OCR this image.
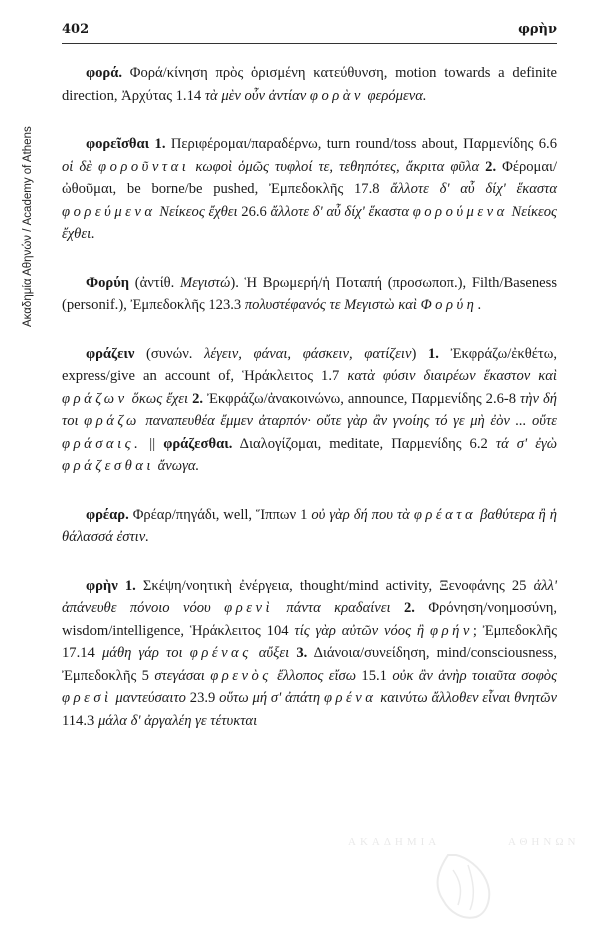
Ακαδημία Αθηνών / Academy of Athens
402	φρὴν

φορά. Φορά/κίνηση πρὸς ὁρισμένη κατεύθυνση, motion towards a definite direction, Ἀρχύτας 1.14 τὰ μὲν οὖν ἀντίαν φορὰν φερόμενα.

φορεῖσθαι 1. Περιφέρομαι/παραδέρνω, turn round/toss about, Παρμενίδης 6.6 οἱ δὲ φοροῦνται κωφοὶ ὁμῶς τυφλοί τε, τεθηπότες, ἄκριτα φῦλα 2. Φέρομαι/ὠθοῦμαι, be borne/be pushed, Ἐμπεδοκλῆς 17.8 ἄλλοτε δ' αὖ δίχ' ἕκαστα φορεύμενα Νείκεος ἔχθει 26.6 ἄλλοτε δ' αὖ δίχ' ἕκαστα φορούμενα Νείκεος ἔχθει.

Φορύη (ἀντίθ. Μεγιστώ). Ἡ Βρωμερή/ἡ Ποταπή (προσωποπ.), Filth/Baseness (personif.), Ἐμπεδοκλῆς 123.3 πολυστέφανός τε Μεγιστὼ καὶ Φορύη.

φράζειν (συνών. λέγειν, φάναι, φάσκειν, φατίζειν) 1. Ἐκφράζω/ἐκθέτω, express/give an account of, Ἡράκλειτος 1.7 κατὰ φύσιν διαιρέων ἕκαστον καὶ φράζων ὅκως ἔχει 2. Ἐκφράζω/ἀνακοινώνω, announce, Παρμενίδης 2.6-8 τὴν δή τοι φράζω παναπευθέα ἔμμεν ἀταρπόν· οὔτε γὰρ ἂν γνοίης τό γε μὴ ἐὸν ... οὔτε φράσαις. || φράζεσθαι. Διαλογίζομαι, meditate, Παρμενίδης 6.2 τά σ' ἐγὼ φράζεσθαι ἄνωγα.

φρέαρ. Φρέαρ/πηγάδι, well, Ἵππων 1 οὐ γὰρ δή που τὰ φρέατα βαθύτερα ἢ ἡ θάλασσά ἐστιν.

φρὴν 1. Σκέψη/νοητικὴ ἐνέργεια, thought/mind activity, Ξενοφάνης 25 ἀλλ' ἀπάνευθε πόνοιο νόου φρενὶ πάντα κραδαίνει 2. Φρόνηση/νοημοσύνη, wisdom/intelligence, Ἡράκλειτος 104 τίς γὰρ αὐτῶν νόος ἢ φρήν; Ἐμπεδοκλῆς 17.14 μάθη γάρ τοι φρένας αὔξει 3. Διάνοια/συνείδηση, mind/consciousness, Ἐμπεδοκλῆς 5 στεγάσαι φρενὸς ἔλλοπος εἴσω 15.1 οὐκ ἂν ἀνὴρ τοιαῦτα σοφὸς φρεσὶ μαντεύσαιτο 23.9 οὕτω μή σ' ἀπάτη φρένα καινύτω ἄλλοθεν εἶναι θνητῶν 114.3 μάλα δ' ἀργαλέη γε τέτυκται

ΑΚΑΔΗΜΙΑ	ΑΘΗΝΩΝ
